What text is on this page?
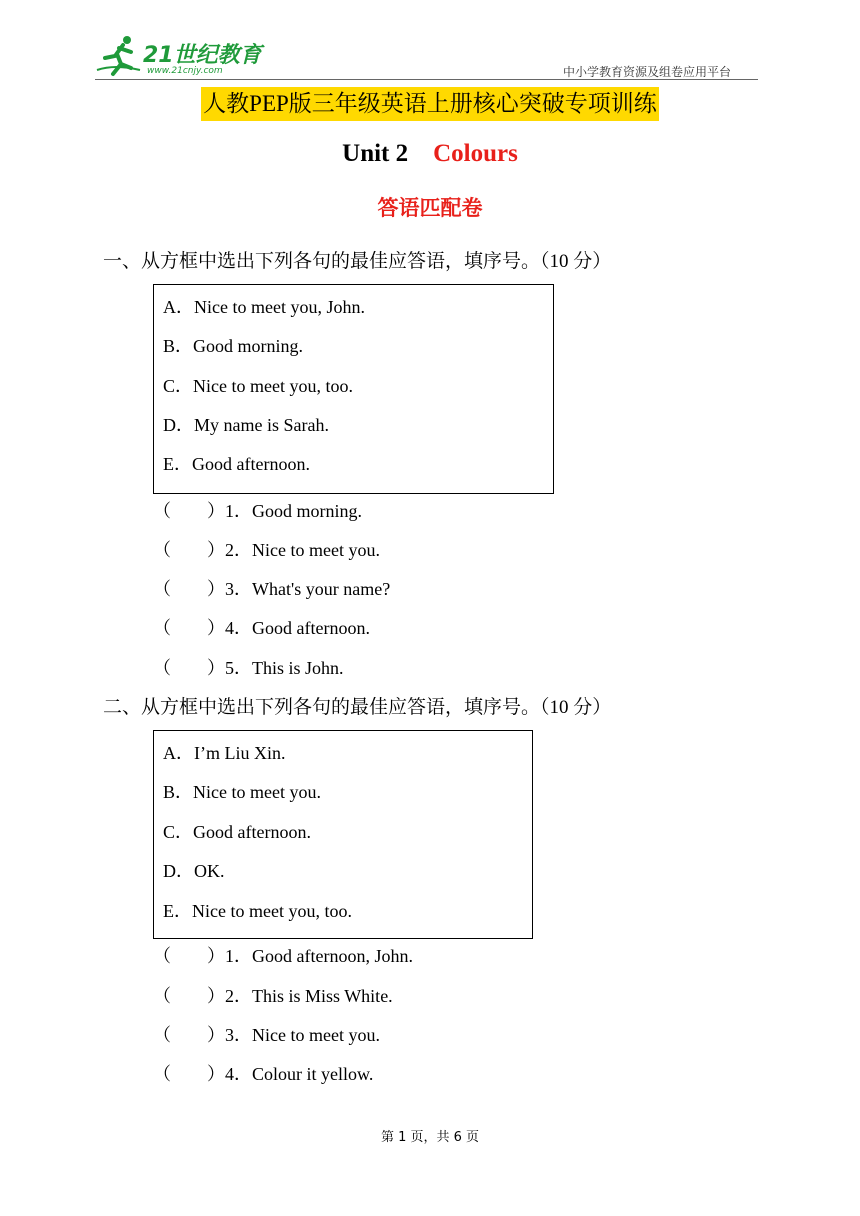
21世纪教育
www.21cnjy.com	中小学教育资源及组卷应用平台
人教PEP版三年级英语上册核心突破专项训练
Unit 2 Colours
答语匹配卷
一、从方框中选出下列各句的最佳应答语，填序号。（10 分）
A．Nice to meet you, John.
B．Good morning.
C．Nice to meet you, too.
D．My name is Sarah.
E．Good afternoon.
（ ）1．Good morning.
（ ）2．Nice to meet you.
（ ）3．What's your name?
（ ）4．Good afternoon.
（ ）5．This is John.
二、从方框中选出下列各句的最佳应答语，填序号。（10 分）
A．I’m Liu Xin.
B．Nice to meet you.
C．Good afternoon.
D．OK.
E．Nice to meet you, too.
（ ）1．Good afternoon, John.
（ ）2．This is Miss White.
（ ）3．Nice to meet you.
（ ）4．Colour it yellow.
第 1 页，共 6 页
